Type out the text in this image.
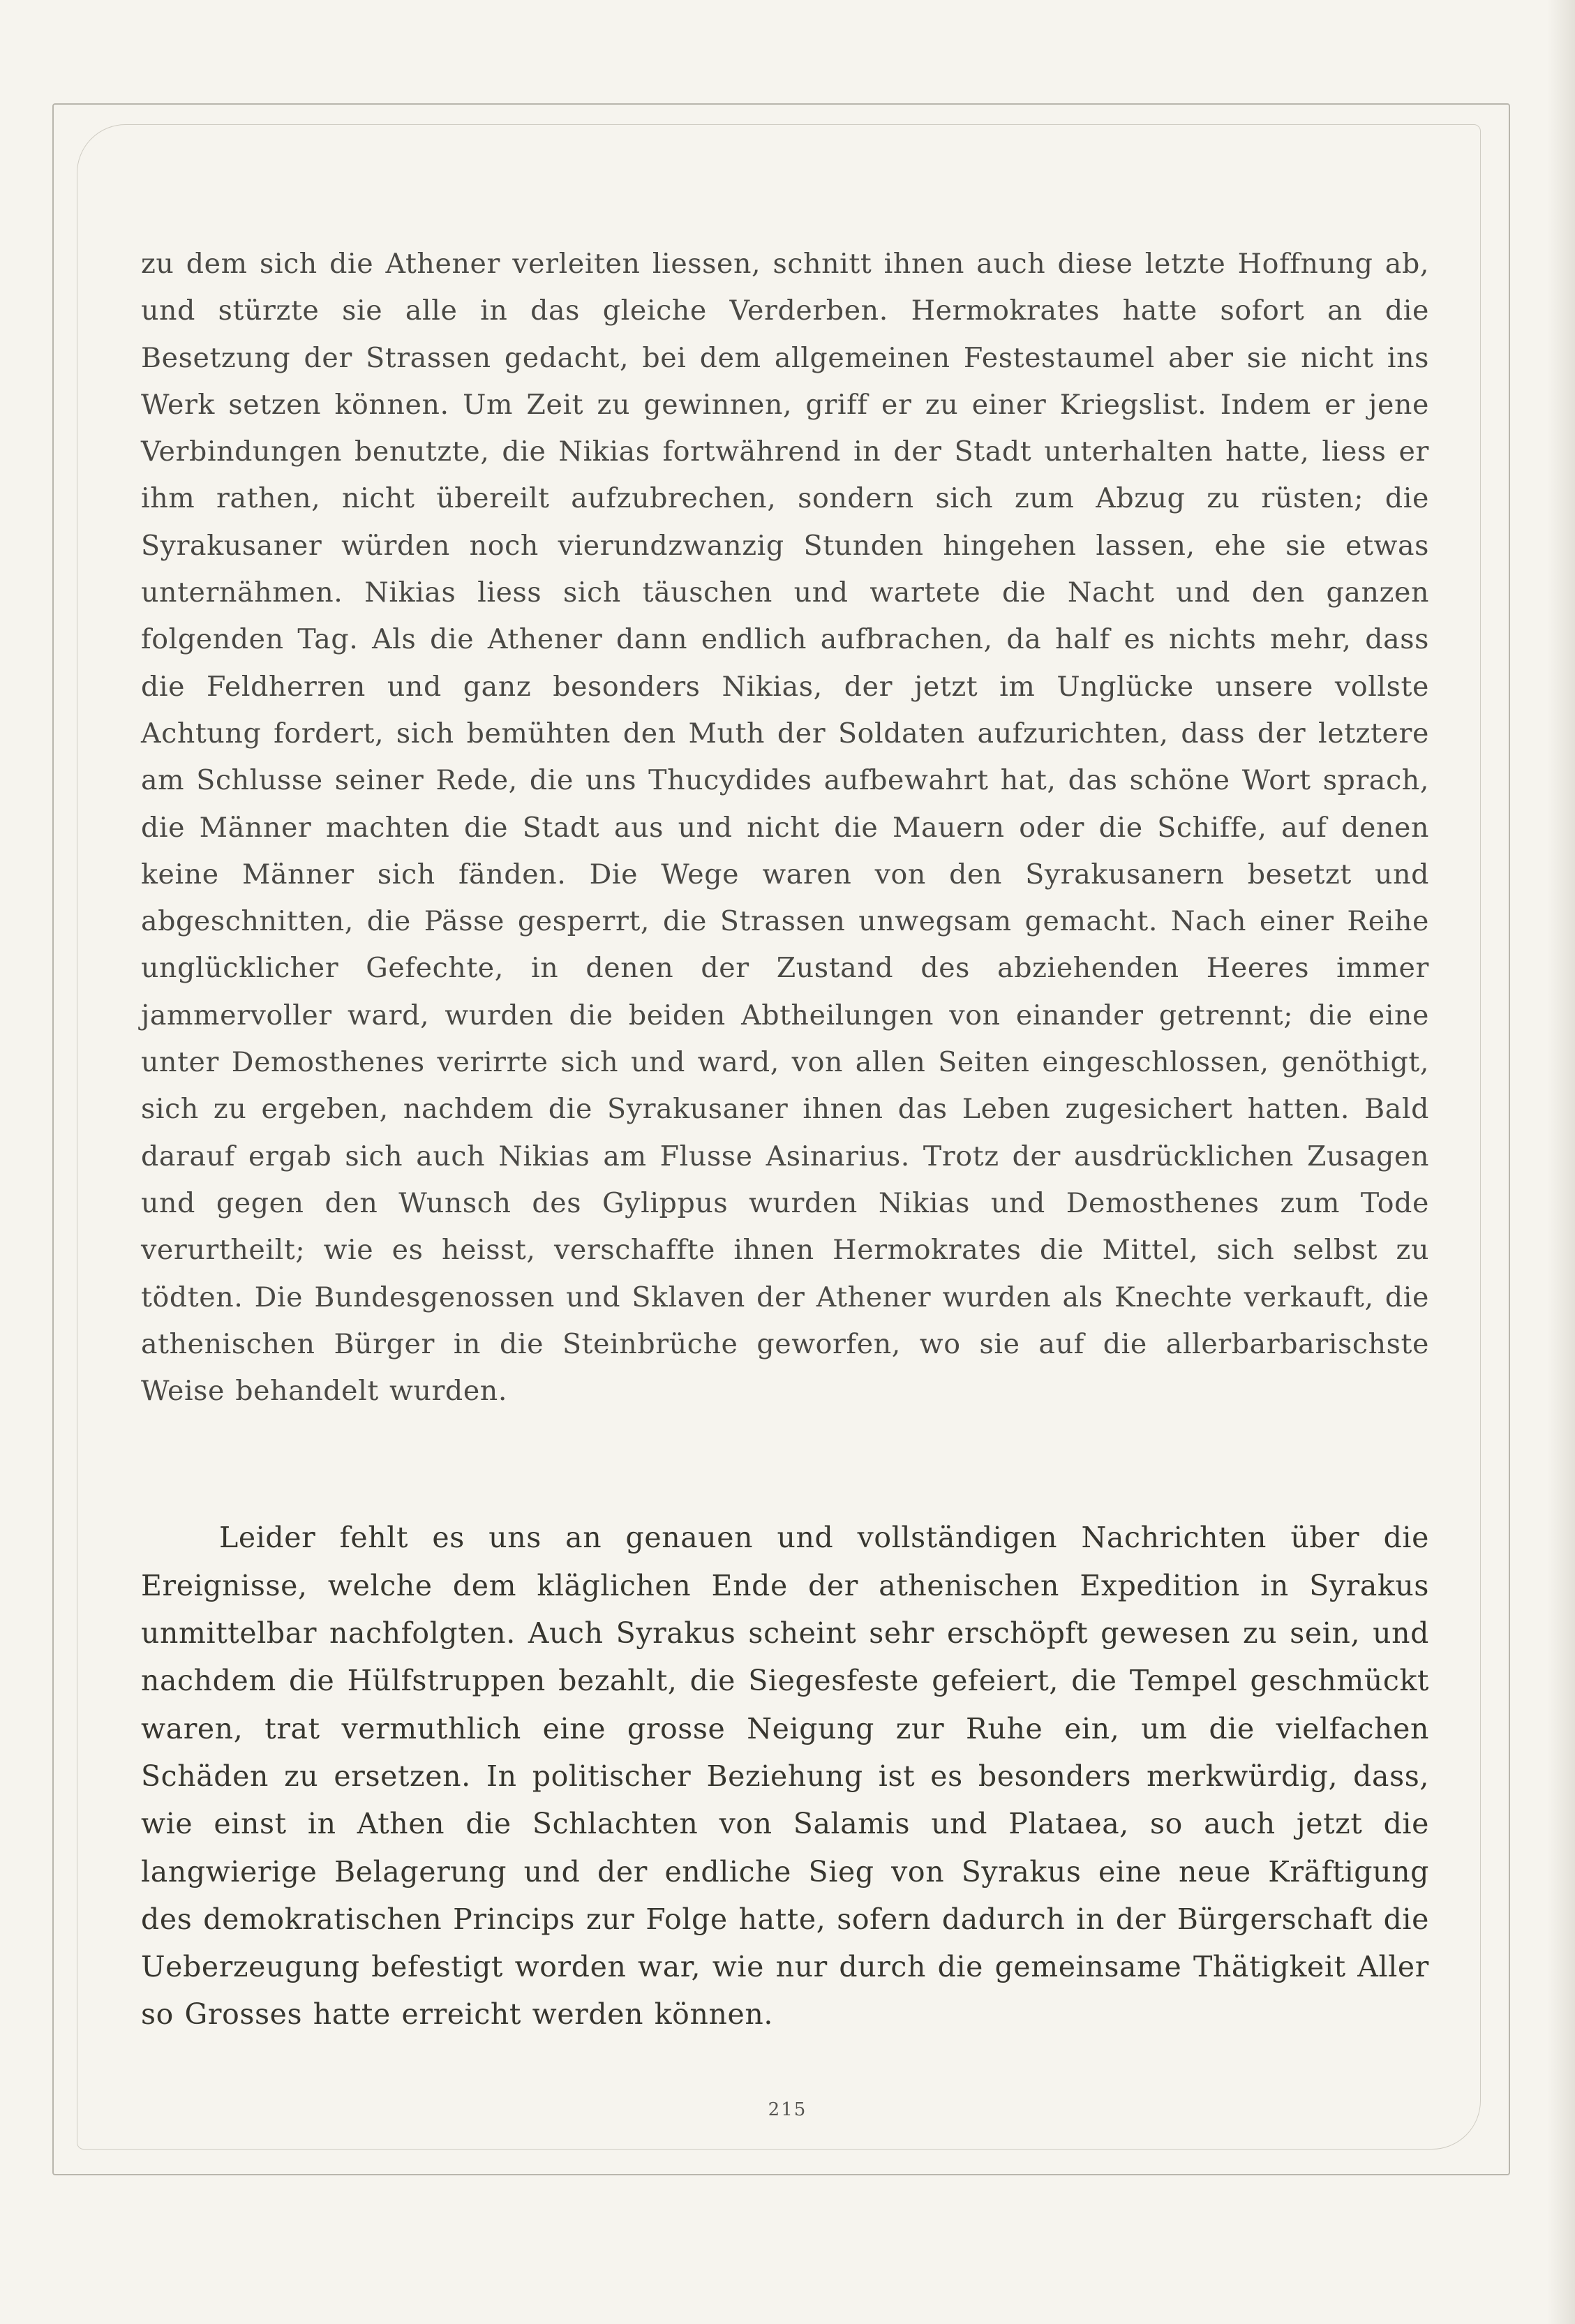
zu dem sich die Athener verleiten liessen, schnitt ihnen auch diese letzte Hoffnung ab, und stürzte sie alle in das gleiche Verderben. Hermokrates hatte sofort an die Besetzung der Strassen gedacht, bei dem allgemeinen Festestaumel aber sie nicht ins Werk setzen können. Um Zeit zu gewinnen, griff er zu einer Kriegslist. Indem er jene Verbindungen benutzte, die Nikias fortwährend in der Stadt unterhalten hatte, liess er ihm rathen, nicht übereilt aufzubrechen, sondern sich zum Abzug zu rüsten; die Syrakusaner würden noch vierundzwanzig Stunden hingehen lassen, ehe sie etwas unternähmen. Nikias liess sich täuschen und wartete die Nacht und den ganzen folgenden Tag. Als die Athener dann endlich aufbrachen, da half es nichts mehr, dass die Feldherren und ganz besonders Nikias, der jetzt im Unglücke unsere vollste Achtung fordert, sich bemühten den Muth der Soldaten aufzurichten, dass der letztere am Schlusse seiner Rede, die uns Thucydides aufbewahrt hat, das schöne Wort sprach, die Männer machten die Stadt aus und nicht die Mauern oder die Schiffe, auf denen keine Männer sich fänden. Die Wege waren von den Syrakusanern besetzt und abgeschnitten, die Pässe gesperrt, die Strassen unwegsam gemacht. Nach einer Reihe unglücklicher Gefechte, in denen der Zustand des abziehenden Heeres immer jammervoller ward, wurden die beiden Abtheilungen von einander getrennt; die eine unter Demosthenes verirrte sich und ward, von allen Seiten eingeschlossen, genöthigt, sich zu ergeben, nachdem die Syrakusaner ihnen das Leben zugesichert hatten. Bald darauf ergab sich auch Nikias am Flusse Asinarius. Trotz der ausdrücklichen Zusagen und gegen den Wunsch des Gylippus wurden Nikias und Demosthenes zum Tode verurtheilt; wie es heisst, verschaffte ihnen Hermokrates die Mittel, sich selbst zu tödten. Die Bundesgenossen und Sklaven der Athener wurden als Knechte verkauft, die athenischen Bürger in die Steinbrüche geworfen, wo sie auf die allerbarbarischste Weise behandelt wurden.

Leider fehlt es uns an genauen und vollständigen Nachrichten über die Ereignisse, welche dem kläglichen Ende der athenischen Expedition in Syrakus unmittelbar nachfolgten. Auch Syrakus scheint sehr erschöpft gewesen zu sein, und nachdem die Hülfstruppen bezahlt, die Siegesfeste gefeiert, die Tempel geschmückt waren, trat vermuthlich eine grosse Neigung zur Ruhe ein, um die vielfachen Schäden zu ersetzen. In politischer Beziehung ist es besonders merkwürdig, dass, wie einst in Athen die Schlachten von Salamis und Plataea, so auch jetzt die langwierige Belagerung und der endliche Sieg von Syrakus eine neue Kräftigung des demokratischen Princips zur Folge hatte, sofern dadurch in der Bürgerschaft die Ueberzeugung befestigt worden war, wie nur durch die gemeinsame Thätigkeit Aller so Grosses hatte erreicht werden können.

215
